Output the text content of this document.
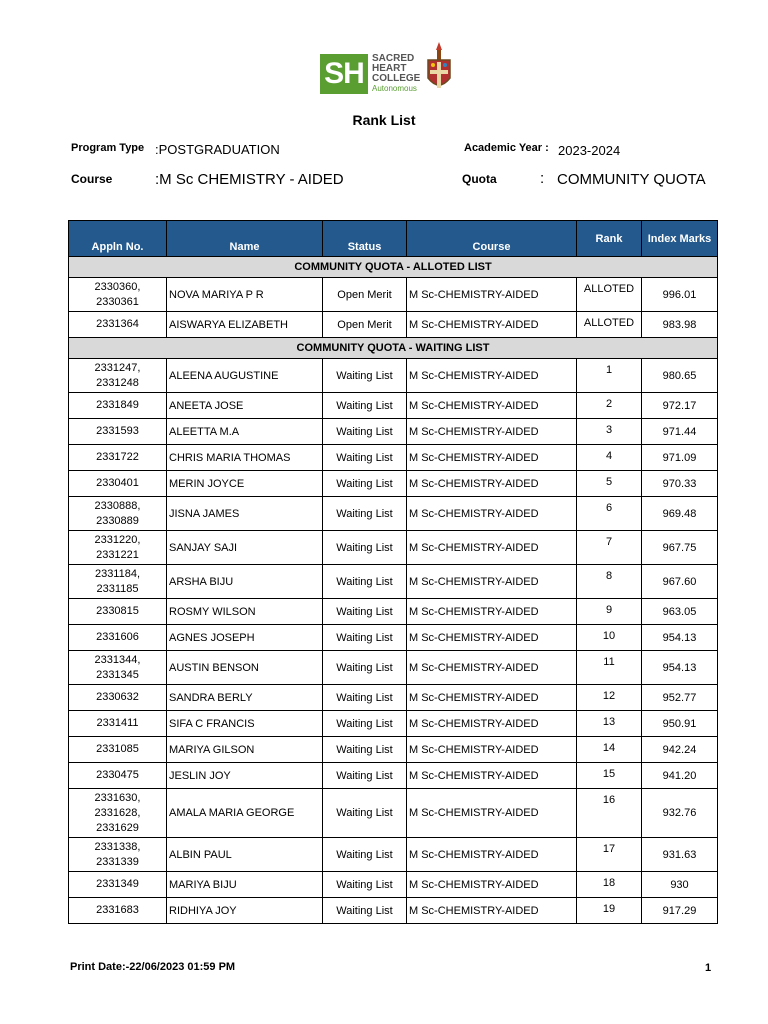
SH SACRED
HEART
COLLEGE
Autonomous
Rank List
Program Type :POSTGRADUATION	Academic Year : 2023-2024
Course	:M Sc CHEMISTRY - AIDED	Quota	: COMMUNITY QUOTA
Appln No.	Name	Status	Course	Rank	Index Marks
COMMUNITY QUOTA - ALLOTED LIST					

2330360,
2330361	NOVA MARIYA P R	Open Merit	M Sc-CHEMISTRY-AIDED	ALLOTED	996.01

2331364	AISWARYA ELIZABETH	Open Merit	M Sc-CHEMISTRY-AIDED	ALLOTED	983.98
COMMUNITY QUOTA - WAITING LIST					

2331247,
2331248	ALEENA AUGUSTINE	Waiting List	M Sc-CHEMISTRY-AIDED	1	980.65

2331849	ANEETA JOSE	Waiting List	M Sc-CHEMISTRY-AIDED	2	972.17

2331593	ALEETTA M.A	Waiting List	M Sc-CHEMISTRY-AIDED	3	971.44

2331722	CHRIS MARIA THOMAS	Waiting List	M Sc-CHEMISTRY-AIDED	4	971.09

2330401	MERIN JOYCE	Waiting List	M Sc-CHEMISTRY-AIDED	5	970.33

2330888,
2330889	JISNA JAMES	Waiting List	M Sc-CHEMISTRY-AIDED	6	969.48

2331220,
2331221	SANJAY SAJI	Waiting List	M Sc-CHEMISTRY-AIDED	7	967.75

2331184,
2331185	ARSHA BIJU	Waiting List	M Sc-CHEMISTRY-AIDED	8	967.60

2330815	ROSMY WILSON	Waiting List	M Sc-CHEMISTRY-AIDED	9	963.05

2331606	AGNES JOSEPH	Waiting List	M Sc-CHEMISTRY-AIDED	10	954.13

2331344,
2331345	AUSTIN BENSON	Waiting List	M Sc-CHEMISTRY-AIDED	11	954.13

2330632	SANDRA BERLY	Waiting List	M Sc-CHEMISTRY-AIDED	12	952.77

2331411	SIFA C FRANCIS	Waiting List	M Sc-CHEMISTRY-AIDED	13	950.91

2331085	MARIYA GILSON	Waiting List	M Sc-CHEMISTRY-AIDED	14	942.24

2330475	JESLIN JOY	Waiting List	M Sc-CHEMISTRY-AIDED	15	941.20

2331630,
2331628,
2331629	AMALA MARIA GEORGE	Waiting List	M Sc-CHEMISTRY-AIDED	16	932.76

2331338,
2331339	ALBIN PAUL	Waiting List	M Sc-CHEMISTRY-AIDED	17	931.63

2331349	MARIYA BIJU	Waiting List	M Sc-CHEMISTRY-AIDED	18	930

2331683	RIDHIYA JOY	Waiting List	M Sc-CHEMISTRY-AIDED	19	917.29
Print Date:-22/06/2023 01:59 PM	1
